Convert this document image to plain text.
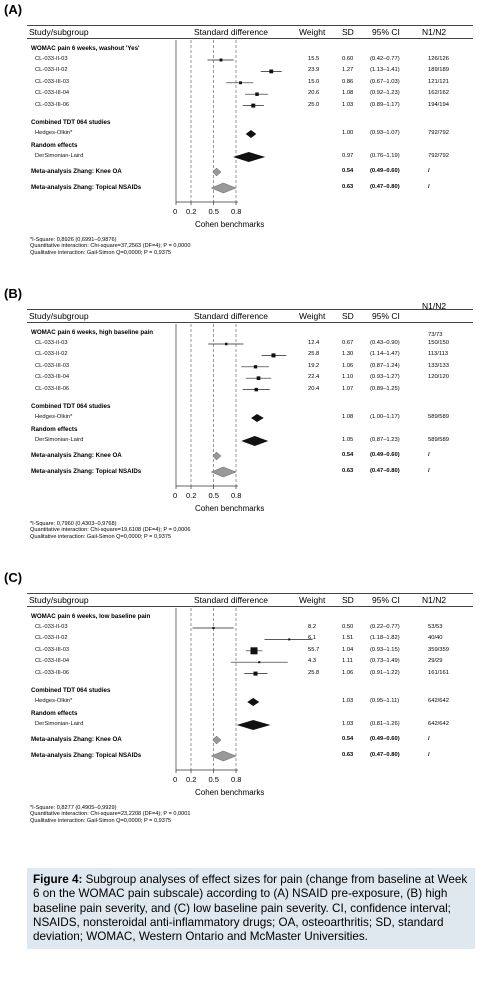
(A)
Study/subgroup	Standard difference	Weight SD 95% CI	N1/N2
WOMAC pain 6 weeks, washout 'Yes'
CL-033-II-03	15.5	0.60	(0.42–0.77)	126/126
CL-033-II-02	23.9	1.27	(1.13–1.41)	189/189
CL-033-III-03	15.0	0.86	(0.67–1.03)	121/121
CL-033-III-04	20.6	1.08	(0.92–1.23)	162/162
CL-033-III-06	25.0	1.03	(0.89–1.17)	194/194
Combined TDT 064 studies
Hedges-Olkin*	1.00	(0.93–1.07)	792/792
Random effects
DerSimonian-Laird	0.97	(0.76–1.19)	792/792
Meta-analysis Zhang: Knee OA	0.54	(0.49–0.60)	/
Meta-analysis Zhang: Topical NSAIDs	0.63	(0.47–0.80)	/
0 0.2 0.5 0.8
Cohen benchmarks
*I-Square: 0,8926 (0,6991–0,9876)
Quantitative interaction: Chi-square=37,2563 (DF=4); P = 0,0000
Qualitative interaction: Gail-Simon Q=0,0000; P = 0,9375
(B)
Study/subgroup	Standard difference	Weight SD 95% CI
N1/N2
WOMAC pain 6 weeks, high baseline pain	73/73
CL-033-II-03	12.4	0.67	(0.43–0.90)	150/150
CL-033-II-02	25.8	1.30	(1.14–1.47)	113/113
CL-033-III-03	19.2	1.06	(0.87–1.24)	133/133
CL-033-III-04	22.4	1.10	(0.93–1.27)	120/120
CL-033-III-06	20.4	1.07	(0.89–1.25)
Combined TDT 064 studies
Hedges-Olkin*	1.08	(1.00–1.17)	589/589
Random effects
DerSimonian-Laird	1.05	(0.87–1.23)	589/589
Meta-analysis Zhang: Knee OA	0.54	(0.49–0.60)	/
Meta-analysis Zhang: Topical NSAIDs	0.63	(0.47–0.80)	/
0 0.2 0.5 0.8
Cohen benchmarks
*I-Square: 0,7960 (0,4303–0,9768)
Quantitative interaction: Chi-square=19,6108 (DF=4); P = 0,0006
Qualitative interaction: Gail-Simon Q=0,0000; P = 0,9375
(C)
Study/subgroup	Standard difference	Weight SD 95% CI	N1/N2
WOMAC pain 6 weeks, low baseline pain
CL-033-II-03	8.2	0.50	(0.22–0.77)	53/53
CL-033-II-02	6.1	1.51	(1.18–1.82)	40/40
CL-033-III-03	55.7	1.04	(0.93–1.15)	359/359
CL-033-III-04	4.3	1.11	(0.73–1.49)	29/29
CL-033-III-06	25.8	1.06	(0.91–1.22)	161/161
Combined TDT 064 studies
Hedges-Olkin*	1.03	(0.95–1.11)	642/642
Random effects
DerSimonian-Laird	1.03	(0.81–1.26)	642/642
Meta-analysis Zhang: Knee OA	0.54	(0.49–0.60)	/
Meta-analysis Zhang: Topical NSAIDs	0.63	(0.47–0.80)	/
0 0.2 0.5 0.8
Cohen benchmarks
*I-Square: 0,8277 (0,4905–0,9929)
Quantitative interaction: Chi-square=23,2208 (DF=4); P = 0,0001
Qualitative interaction: Gail-Simon Q=0,0000; P = 0,9375
Figure 4: Subgroup analyses of effect sizes for pain (change from baseline at Week 6 on the WOMAC pain subscale) according to (A) NSAID pre-exposure, (B) high baseline pain severity, and (C) low baseline pain severity. CI, confidence interval; NSAIDS, nonsteroidal anti-inflammatory drugs; OA, osteoarthritis; SD, standard deviation; WOMAC, Western Ontario and McMaster Universities.
